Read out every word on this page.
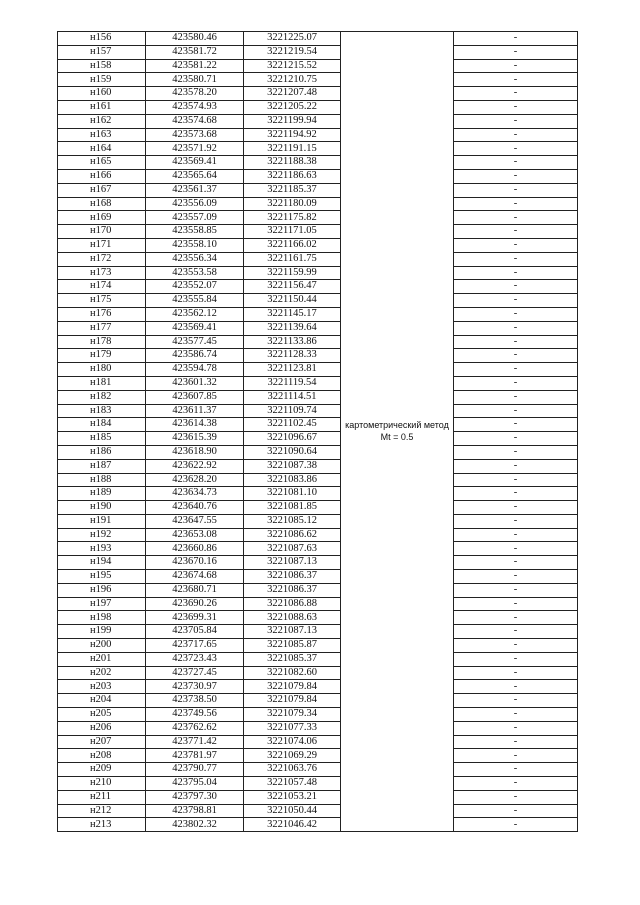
н156	423580.46	3221225.07	картометрический метод Mt = 0.5	-
н157	423581.72	3221219.54		-
н158	423581.22	3221215.52		-
н159	423580.71	3221210.75		-
н160	423578.20	3221207.48		-
н161	423574.93	3221205.22		-
н162	423574.68	3221199.94		-
н163	423573.68	3221194.92		-
н164	423571.92	3221191.15		-
н165	423569.41	3221188.38		-
н166	423565.64	3221186.63		-
н167	423561.37	3221185.37		-
н168	423556.09	3221180.09		-
н169	423557.09	3221175.82		-
н170	423558.85	3221171.05		-
н171	423558.10	3221166.02		-
н172	423556.34	3221161.75		-
н173	423553.58	3221159.99		-
н174	423552.07	3221156.47		-
н175	423555.84	3221150.44		-
н176	423562.12	3221145.17		-
н177	423569.41	3221139.64		-
н178	423577.45	3221133.86		-
н179	423586.74	3221128.33		-
н180	423594.78	3221123.81		-
н181	423601.32	3221119.54		-
н182	423607.85	3221114.51		-
н183	423611.37	3221109.74		-
н184	423614.38	3221102.45		-
н185	423615.39	3221096.67		-
н186	423618.90	3221090.64		-
н187	423622.92	3221087.38		-
н188	423628.20	3221083.86		-
н189	423634.73	3221081.10		-
н190	423640.76	3221081.85		-
н191	423647.55	3221085.12		-
н192	423653.08	3221086.62		-
н193	423660.86	3221087.63		-
н194	423670.16	3221087.13		-
н195	423674.68	3221086.37		-
н196	423680.71	3221086.37		-
н197	423690.26	3221086.88		-
н198	423699.31	3221088.63		-
н199	423705.84	3221087.13		-
н200	423717.65	3221085.87		-
н201	423723.43	3221085.37		-
н202	423727.45	3221082.60		-
н203	423730.97	3221079.84		-
н204	423738.50	3221079.84		-
н205	423749.56	3221079.34		-
н206	423762.62	3221077.33		-
н207	423771.42	3221074.06		-
н208	423781.97	3221069.29		-
н209	423790.77	3221063.76		-
н210	423795.04	3221057.48		-
н211	423797.30	3221053.21		-
н212	423798.81	3221050.44		-
н213	423802.32	3221046.42		-
